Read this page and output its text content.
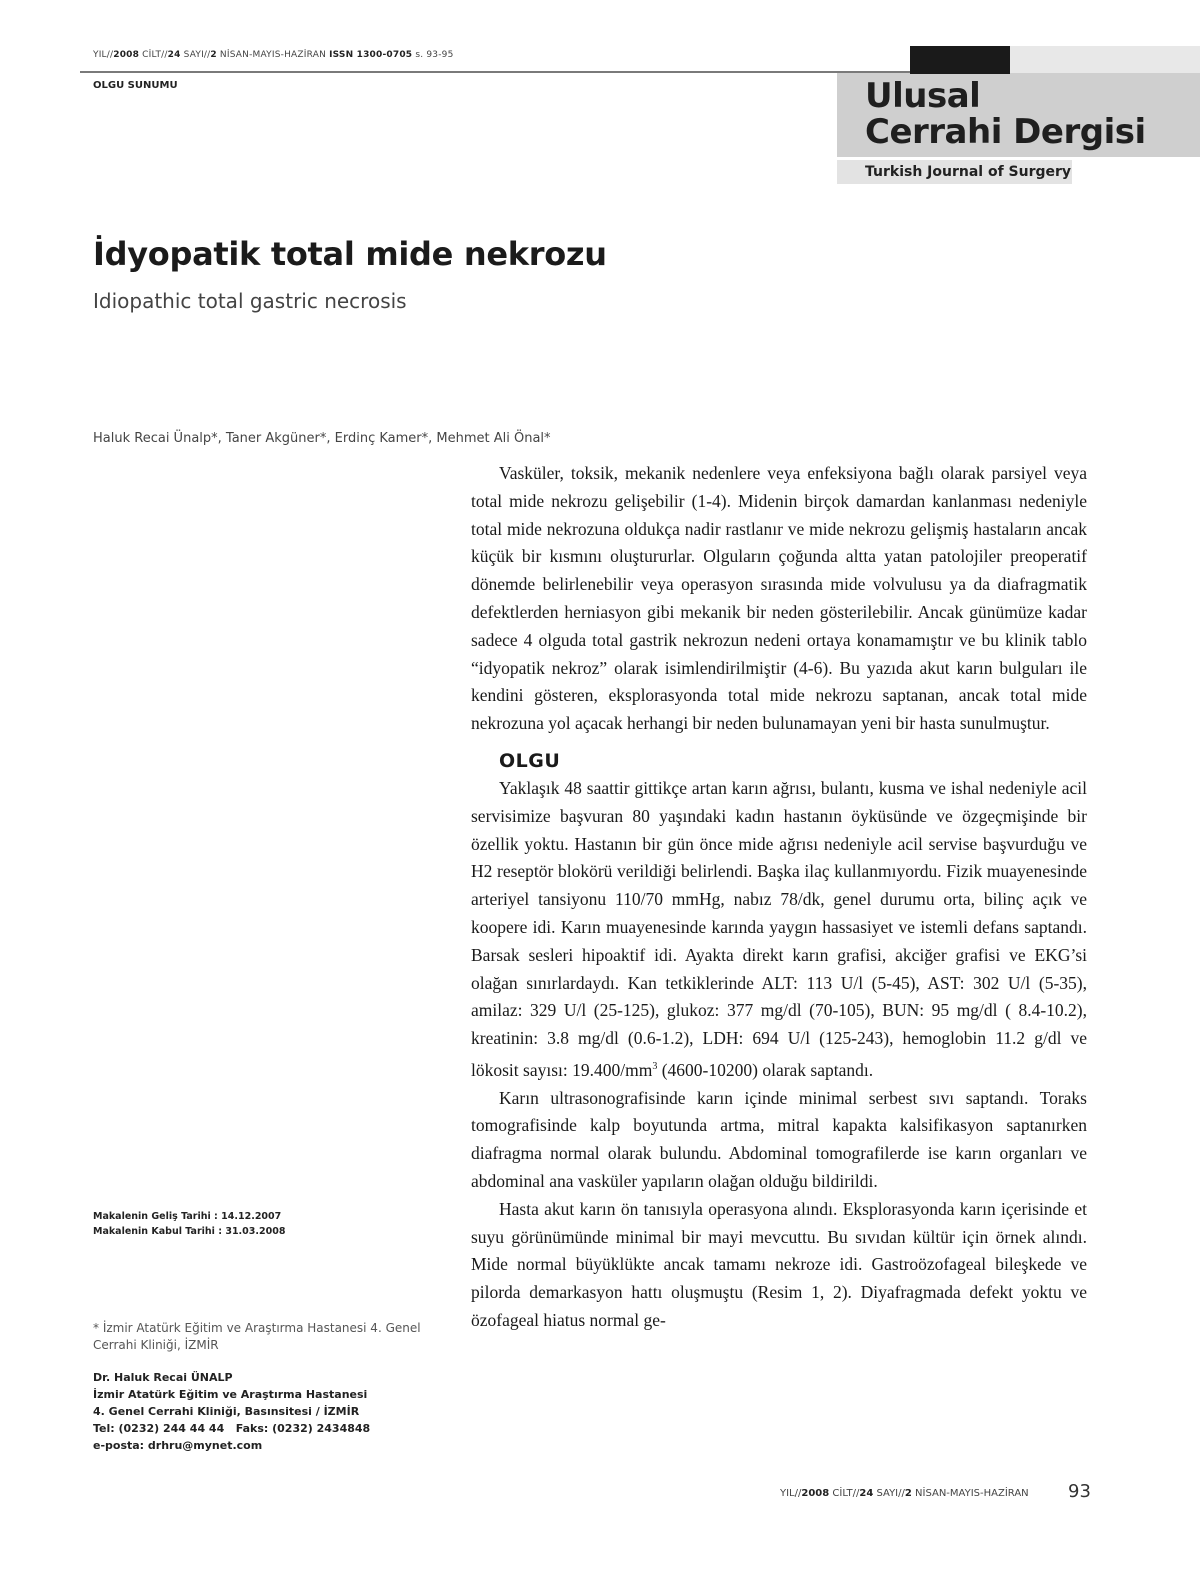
YIL//2008 CİLT//24 SAYI//2 NİSAN-MAYIS-HAZİRAN ISSN 1300-0705 s. 93-95
OLGU SUNUMU	Ulusal
Cerrahi Dergisi
Turkish Journal of Surgery
İdyopatik total mide nekrozu
Idiopathic total gastric necrosis
Haluk Recai Ünalp*, Taner Akgüner*, Erdinç Kamer*, Mehmet Ali Önal*

Vasküler, toksik, mekanik nedenlere veya enfeksiyona bağlı olarak parsiyel veya total mide nekrozu gelişebilir (1-4). Midenin birçok damardan kanlanması nedeniyle total mide nekrozuna oldukça nadir rastlanır ve mide nekrozu gelişmiş hastaların ancak küçük bir kısmını oluştururlar. Olguların çoğunda altta yatan patolojiler preoperatif dönemde belirlenebilir veya operasyon sırasında mide volvulusu ya da diafragmatik defektlerden herniasyon gibi mekanik bir neden gösterilebilir. Ancak günümüze kadar sadece 4 olguda total gastrik nekrozun nedeni ortaya konamamıştır ve bu klinik tablo “idyopatik nekroz” olarak isimlendirilmiştir (4-6). Bu yazıda akut karın bulguları ile kendini gösteren, eksplorasyonda total mide nekrozu saptanan, ancak total mide nekrozuna yol açacak herhangi bir neden bulunamayan yeni bir hasta sunulmuştur.

OLGU

Yaklaşık 48 saattir gittikçe artan karın ağrısı, bulantı, kusma ve ishal nedeniyle acil servisimize başvuran 80 yaşındaki kadın hastanın öyküsünde ve özgeçmişinde bir özellik yoktu. Hastanın bir gün önce mide ağrısı nedeniyle acil servise başvurduğu ve H2 reseptör blokörü verildiği belirlendi. Başka ilaç kullanmıyordu. Fizik muayenesinde arteriyel tansiyonu 110/70 mmHg, nabız 78/dk, genel durumu orta, bilinç açık ve koopere idi. Karın muayenesinde karında yaygın hassasiyet ve istemli defans saptandı. Barsak sesleri hipoaktif idi. Ayakta direkt karın grafisi, akciğer grafisi ve EKG’si olağan sınırlardaydı. Kan tetkiklerinde ALT: 113 U/l (5-45), AST: 302 U/l (5-35), amilaz: 329 U/l (25-125), glukoz: 377 mg/dl (70-105), BUN: 95 mg/dl ( 8.4-10.2), kreatinin: 3.8 mg/dl (0.6-1.2), LDH: 694 U/l (125-243), hemoglobin 11.2 g/dl ve lökosit sayısı: $19.400/mm^3$ (4600-10200) olarak saptandı.

Karın ultrasonografisinde karın içinde minimal serbest sıvı saptandı. Toraks tomografisinde kalp boyutunda artma, mitral kapakta kalsifikasyon saptanırken diafragma normal olarak bulundu. Abdominal tomografilerde ise karın organları ve abdominal ana vasküler yapıların olağan olduğu bildirildi.

Hasta akut karın ön tanısıyla operasyona alındı. Eksplorasyonda karın içerisinde et suyu görünümünde minimal bir mayi mevcuttu. Bu sıvıdan kültür için örnek alındı. Mide normal büyüklükte ancak tamamı nekroze idi. Gastroözofageal bileşkede ve pilorda demarkasyon hattı oluşmuştu (Resim 1, 2). Diyafragmada defekt yoktu ve özofageal hiatus normal ge-

Makalenin Geliş Tarihi : 14.12.2007
Makalenin Kabul Tarihi : 31.03.2008
* İzmir Atatürk Eğitim ve Araştırma Hastanesi 4. Genel Cerrahi Kliniği, İZMİR
Dr. Haluk Recai ÜNALP
İzmir Atatürk Eğitim ve Araştırma Hastanesi
4. Genel Cerrahi Kliniği, Basınsitesi / İZMİR
Tel: (0232) 244 44 44   Faks: (0232) 2434848
e-posta: drhru@mynet.com
YIL//2008 CİLT//24 SAYI//2 NİSAN-MAYIS-HAZİRAN 93
